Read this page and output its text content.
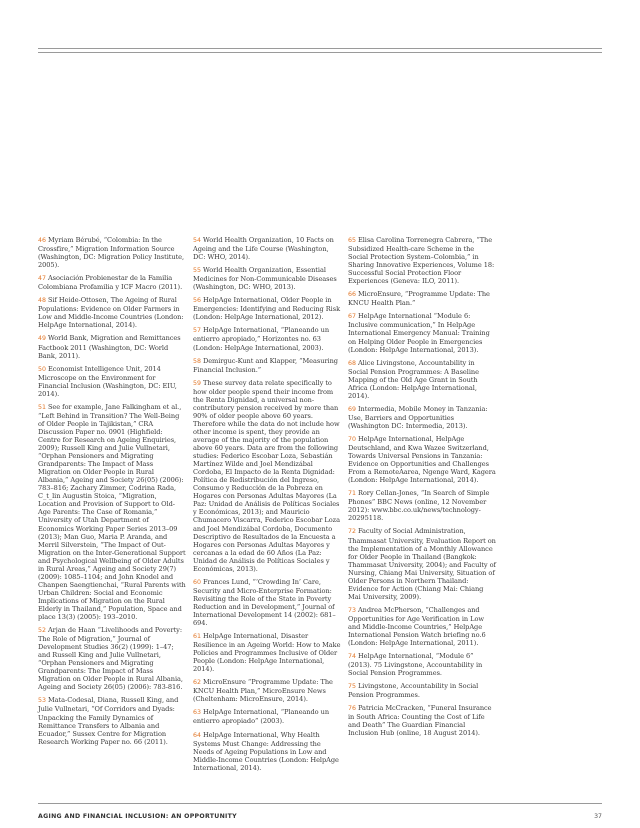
46 Myriam Bérubé, “Colombia: In the Crossfire,” Migration Information Source (Washington, DC: Migration Policy Institute, 2005).

47 Asociación Probienestar de la Familia Colombiana Profamilia y ICF Macro (2011).

48 Sif Heide-Ottosen, The Ageing of Rural Populations: Evidence on Older Farmers in Low and Middle-Income Countries (London: HelpAge International, 2014).

49 World Bank, Migration and Remittances Factbook 2011 (Washington, DC: World Bank, 2011).

50 Economist Intelligence Unit, 2014 Microscope on the Environment for Financial Inclusion (Washington, DC: EIU, 2014).

51 See for example, Jane Falkingham et al., “Left Behind in Transition? The Well-Being of Older People in Tajikistan,” CRA Discussion Paper no. 0901 (Highfield: Centre for Research on Ageing Enquiries, 2009); Russell King and Julie Vullnetari, “Orphan Pensioners and Migrating Grandparents: The Impact of Mass Migration on Older People in Rural Albania,” Ageing and Society 26(05) (2006): 783–816; Zachary Zimmer, Codrina Rada, C_t_lin Augustin Stoica, “Migration, Location and Provision of Support to Old-Age Parents: The Case of Romania,” University of Utah Department of Economics Working Paper Series 2013–09 (2013); Man Guo, Maria P. Aranda, and Merril Silverstein, “The Impact of Out-Migration on the Inter-Generational Support and Psychological Wellbeing of Older Adults in Rural Areas,” Ageing and Society 29(7) (2009): 1085–1104; and John Knodel and Chanpen Saengtienchai, “Rural Parents with Urban Children: Social and Economic Implications of Migration on the Rural Elderly in Thailand,” Population, Space and place 13(3) (2005): 193–2010.

52 Arjan de Haan “Livelihoods and Poverty: The Role of Migration,” Journal of Development Studies 36(2) (1999): 1–47; and Russell King and Julie Vullnetari, “Orphan Pensioners and Migrating Grandparents: The Impact of Mass Migration on Older People in Rural Albania, Ageing and Society 26(05) (2006): 783-816.

53 Mata-Codesal, Diana, Russell King, and Julie Vullnetari, “Of Corridors and Dyads: Unpacking the Family Dynamics of Remittance Transfers to Albania and Ecuador,” Sussex Centre for Migration Research Working Paper no. 66 (2011).

54 World Health Organization, 10 Facts on Ageing and the Life Course (Washington, DC: WHO, 2014).

55 World Health Organization, Essential Medicines for Non-Communicable Diseases (Washington, DC: WHO, 2013).

56 HelpAge International, Older People in Emergencies: Identifying and Reducing Risk (London: HelpAge International, 2012).

57 HelpAge International, “Planeando un entierro apropiado,” Horizontes no. 63 (London: HelpAge International, 2003).

58 Demirguc-Kunt and Klapper, “Measuring Financial Inclusion.”

59 These survey data relate specifically to how older people spend their income from the Renta Dignidad, a universal non-contributory pension received by more than 90% of older people above 60 years. Therefore while the data do not include how other income is spent, they provide an average of the majority of the population above 60 years. Data are from the following studies: Federico Escobar Loza, Sebastián Martínez Wilde and Joel Mendizábal Cordoba, El Impacto de la Renta Dignidad: Política de Redistribución del Ingreso, Consumo y Reducción de la Pobreza en Hogares con Personas Adultas Mayores (La Paz: Unidad de Análisis de Políticas Sociales y Económicas, 2013); and Mauricio Chumacero Viscarra, Federico Escobar Loza and Joel Mendizábal Cordoba, Documento Descriptivo de Resultados de la Encuesta a Hogares con Personas Adultas Mayores y cercanas a la edad de 60 Años (La Paz: Unidad de Análisis de Políticas Sociales y Económicas, 2013).

60 Frances Lund, “‘Crowding In’ Care, Security and Micro-Enterprise Formation: Revisiting the Role of the State in Poverty Reduction and in Development,” Journal of International Development 14 (2002): 681–694.

61 HelpAge International, Disaster Resilience in an Ageing World: How to Make Policies and Programmes Inclusive of Older People (London: HelpAge International, 2014).

62 MicroEnsure “Programme Update: The KNCU Health Plan,” MicroEnsure News (Cheltenham: MicroEnsure, 2014).

63 HelpAge International, “Planeando un entierro apropiado” (2003).

64 HelpAge International, Why Health Systems Must Change: Addressing the Needs of Ageing Populations in Low and Middle-Income Countries (London: HelpAge International, 2014).

65 Elisa Carolina Torrenegra Cabrera, “The Subsidized Health-care Scheme in the Social Protection System–Colombia,” in Sharing Innovative Experiences, Volume 18: Successful Social Protection Floor Experiences (Geneva: ILO, 2011).

66 MicroEnsure, “Programme Update: The KNCU Health Plan.”

67 HelpAge International “Module 6: Inclusive communication,” In HelpAge International Emergency Manual: Training on Helping Older People in Emergencies (London: HelpAge International, 2013).

68 Alice Livingstone, Accountability in Social Pension Programmes: A Baseline Mapping of the Old Age Grant in South Africa (London: HelpAge International, 2014).

69 Intermedia, Mobile Money in Tanzania: Use, Barriers and Opportunities (Washington DC: Intermedia, 2013).

70 HelpAge International, HelpAge Deutschland, and Kwa Wazee Switzerland, Towards Universal Pensions in Tanzania: Evidence on Opportunities and Challenges From a RemoteAarea, Ngenge Ward, Kagera (London: HelpAge International, 2014).

71 Rory Cellan-Jones, “In Search of Simple Phones” BBC News (online, 12 November 2012): www.bbc.co.uk/news/technology-20295118.

72 Faculty of Social Administration, Thammasat University, Evaluation Report on the Implementation of a Monthly Allowance for Older People in Thailand (Bangkok: Thammasat University, 2004); and Faculty of Nursing, Chiang Mai University, Situation of Older Persons in Northern Thailand: Evidence for Action (Chiang Mai: Chiang Mai University, 2009).

73 Andrea McPherson, “Challenges and Opportunities for Age Verification in Low and Middle-Income Countries,” HelpAge International Pension Watch briefing no.6 (London: HelpAge International, 2011).

74 HelpAge International, “Module 6” (2013). 75 Livingstone, Accountability in Social Pension Programmes.

75 Livingstone, Accountability in Social Pension Programmes.

76 Patricia McCracken, “Funeral Insurance in South Africa: Counting the Cost of Life and Death” The Guardian Financial Inclusion Hub (online, 18 August 2014).

AGING AND FINANCIAL INCLUSION: AN OPPORTUNITY	37
